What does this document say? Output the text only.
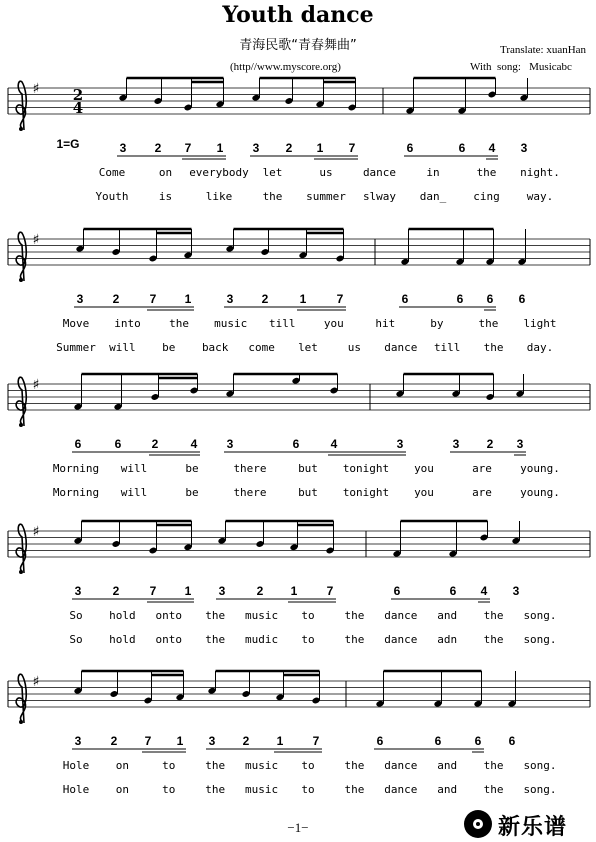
Youth dance
青海民歌“青春舞曲”	Translate: xuanHan
(http//www.myscore.org)	With  song:   Musicabc
♯ 2
4
1=G	3 2 7 1 3 2 1 7	6	6 4 3
Come	on everybody let	us	dance	in	the night.
Youth	is	like	the summer slway dan_ cing way.
♯
3 2	7 1	3 2	1	7	6	6 6 6
Move into	the music till	you	hit	by	the light
Summer will be back come let	us dance till the day.
♯
6	6	2	4 3	6	4	3	3 2 3
Morning will	be	there	but tonight you	are	young.
Morning will	be	there	but tonight you	are	young.
♯
3	2	7 1 3	2 1 7	6	6 4 3
So hold onto the music to	the dance and the song.
So hold onto the mudic to	the dance adn the song.
♯
3 2 7 1 3 2 1 7	6	6	6 6
Hole on	to	the music to	the dance and the song.
Hole on	to	the music to	the dance and the song.
−1−	新乐谱
